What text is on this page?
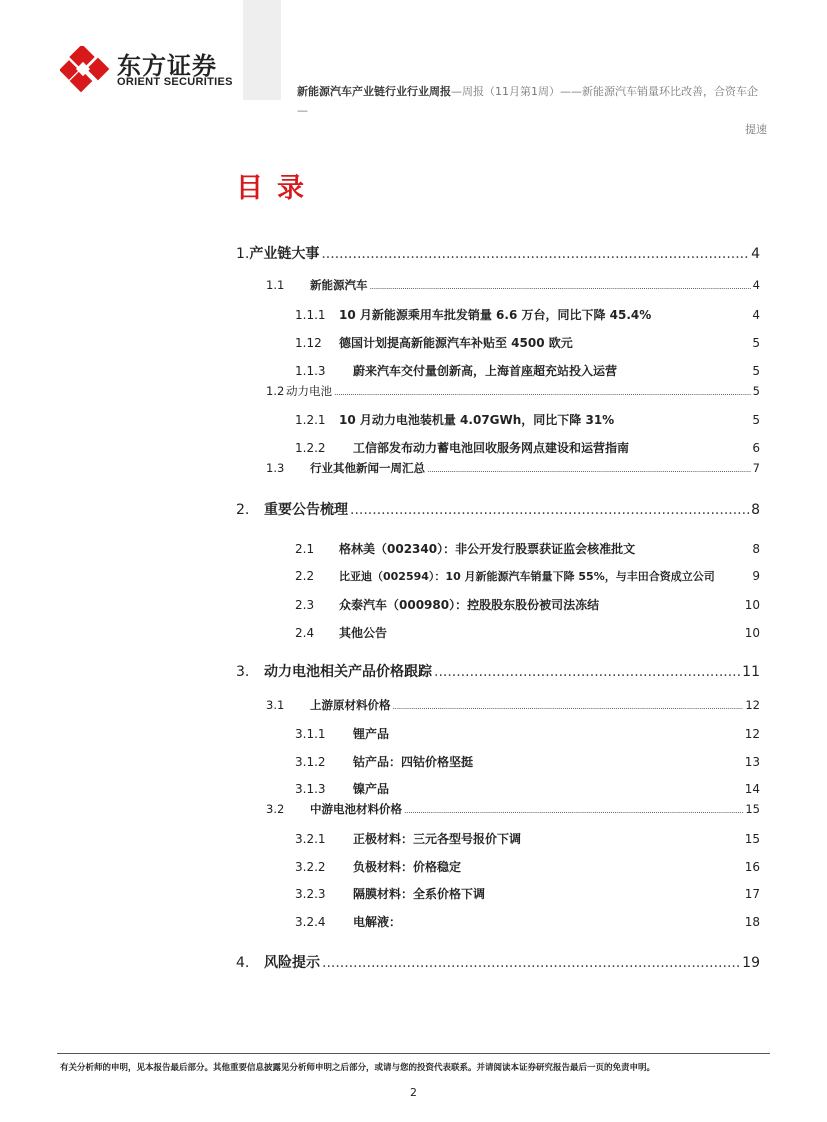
东方证券
ORIENT SECURITIES
新能源汽车产业链行业行业周报—周报（11月第1周）——新能源汽车销量环比改善，合资车企—
提速
目录
1. 产业链大事 .....	4
1.1	新能源汽车 .....	4
1.1.1	10 月新能源乘用车批发销量 6.6 万台，同比下降 45.4%	4
1.12	德国计划提高新能源汽车补贴至 4500 欧元	5
1.1.3	蔚来汽车交付量创新高，上海首座超充站投入运营	5
1.2 动力电池 .....	5
1.2.1	10 月动力电池装机量 4.07GWh，同比下降 31%	5
1.2.2	工信部发布动力蓄电池回收服务网点建设和运营指南	6
1.3	行业其他新闻一周汇总 .....	7
2.	重要公告梳理 .....	8
2.1	格林美（002340）：非公开发行股票获证监会核准批文	8
2.2	比亚迪（002594）：10 月新能源汽车销量下降 55%，与丰田合资成立公司	9
2.3	众泰汽车（000980）：控股股东股份被司法冻结	10
2.4	其他公告	10
3.	动力电池相关产品价格跟踪 .....	11
3.1	上游原材料价格 .....	12
3.1.1	锂产品	12
3.1.2	钴产品：四钴价格坚挺	13
3.1.3	镍产品	14
3.2	中游电池材料价格 .....	15
3.2.1	正极材料：三元各型号报价下调	15
3.2.2	负极材料：价格稳定	16
3.2.3	隔膜材料：全系价格下调	17
3.2.4	电解液：	18
4.	风险提示 .....	19
有关分析师的申明，见本报告最后部分。其他重要信息披露见分析师申明之后部分，或请与您的投资代表联系。并请阅读本证券研究报告最后一页的免责申明。
2
